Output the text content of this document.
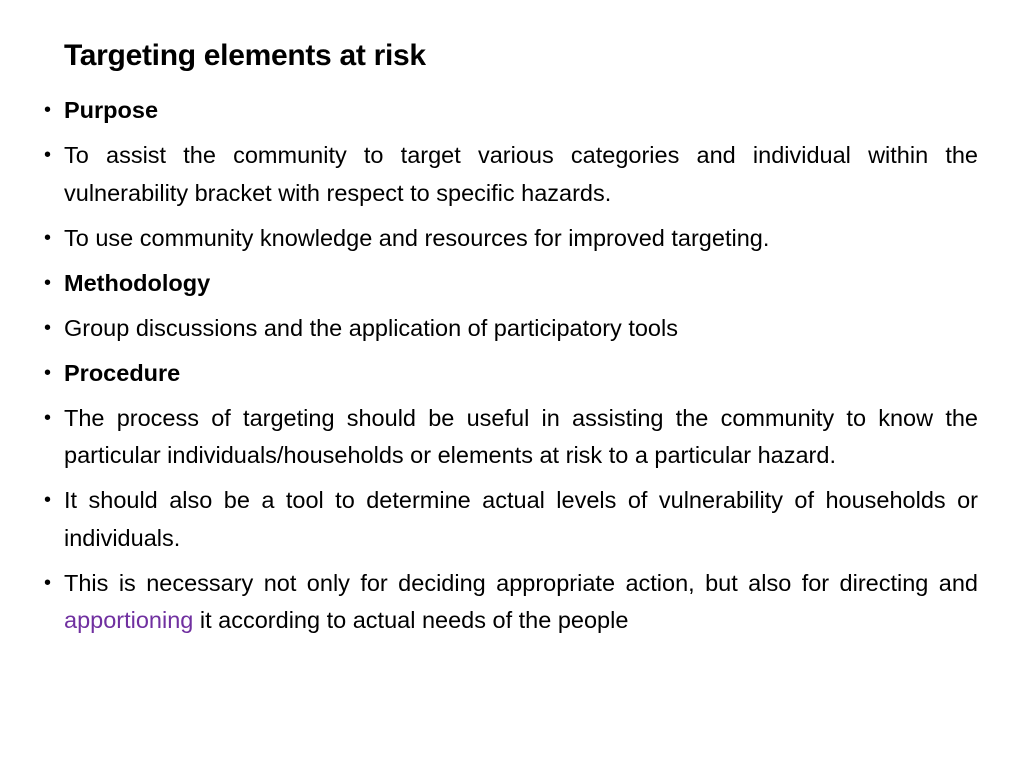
Targeting elements at risk
• Purpose
• To assist the community to target various categories and individual within the vulnerability bracket with respect to specific hazards.
• To use community knowledge and resources for improved targeting.
• Methodology
• Group discussions and the application of participatory tools
• Procedure
• The process of targeting should be useful in assisting the community to know the particular individuals/households or elements at risk to a particular hazard.
• It should also be a tool to determine actual levels of vulnerability of households or individuals.
• This is necessary not only for deciding appropriate action, but also for directing and apportioning it according to actual needs of the people
